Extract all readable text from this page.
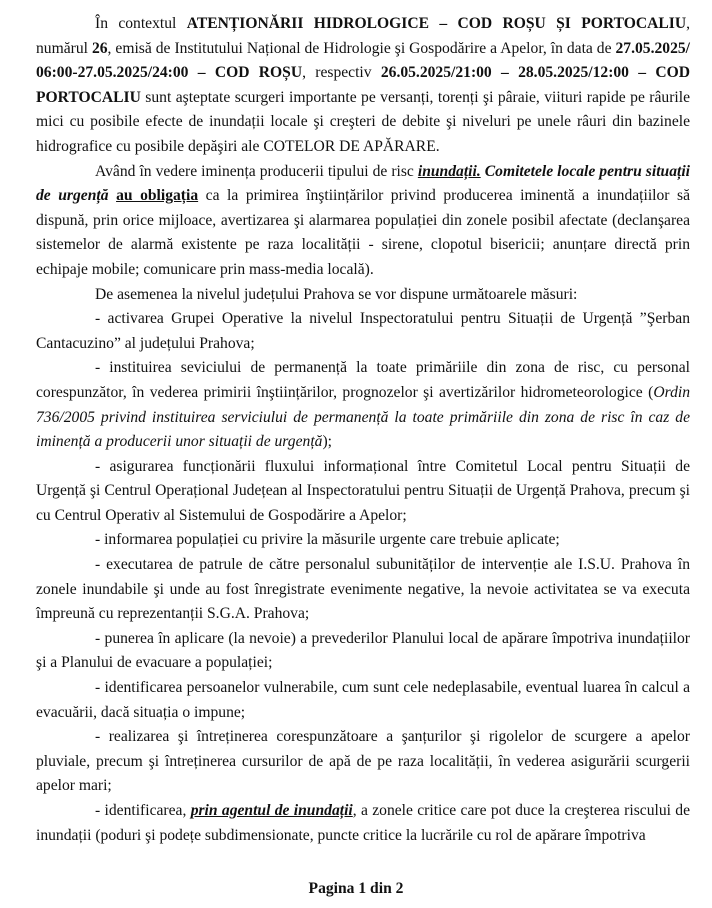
În contextul ATENȚIONĂRII HIDROLOGICE – COD ROȘU ȘI PORTOCALIU, numărul 26, emisă de Institutului Național de Hidrologie şi Gospodărire a Apelor, în data de 27.05.2025/ 06:00-27.05.2025/24:00 – COD ROȘU, respectiv 26.05.2025/21:00 – 28.05.2025/12:00 – COD PORTOCALIU sunt aşteptate scurgeri importante pe versanți, torenți şi pâraie, viituri rapide pe râurile mici cu posibile efecte de inundații locale şi creşteri de debite şi niveluri pe unele râuri din bazinele hidrografice cu posibile depăşiri ale COTELOR DE APĂRARE.

Având în vedere iminența producerii tipului de risc inundații. Comitetele locale pentru situații de urgență au obligația ca la primirea înştiințărilor privind producerea iminentă a inundațiilor să dispună, prin orice mijloace, avertizarea şi alarmarea populației din zonele posibil afectate (declanşarea sistemelor de alarmă existente pe raza localității - sirene, clopotul bisericii; anunțare directă prin echipaje mobile; comunicare prin mass-media locală).

De asemenea la nivelul județului Prahova se vor dispune următoarele măsuri:

- activarea Grupei Operative la nivelul Inspectoratului pentru Situații de Urgență ”Şerban Cantacuzino” al județului Prahova;

- instituirea seviciului de permanență la toate primăriile din zona de risc, cu personal corespunzător, în vederea primirii înştiințărilor, prognozelor şi avertizărilor hidrometeorologice (Ordin 736/2005 privind instituirea serviciului de permanență la toate primăriile din zona de risc în caz de iminență a producerii unor situații de urgență);

- asigurarea funcționării fluxului informațional între Comitetul Local pentru Situații de Urgență şi Centrul Operațional Județean al Inspectoratului pentru Situații de Urgență Prahova, precum şi cu Centrul Operativ al Sistemului de Gospodărire a Apelor;

- informarea populației cu privire la măsurile urgente care trebuie aplicate;

- executarea de patrule de către personalul subunităților de intervenție ale I.S.U. Prahova în zonele inundabile şi unde au fost înregistrate evenimente negative, la nevoie activitatea se va executa împreună cu reprezentanții S.G.A. Prahova;

- punerea în aplicare (la nevoie) a prevederilor Planului local de apărare împotriva inundațiilor şi a Planului de evacuare a populației;

- identificarea persoanelor vulnerabile, cum sunt cele nedeplasabile, eventual luarea în calcul a evacuării, dacă situația o impune;

- realizarea şi întreținerea corespunzătoare a şanțurilor şi rigolelor de scurgere a apelor pluviale, precum şi întreținerea cursurilor de apă de pe raza localității, în vederea asigurării scurgerii apelor mari;

- identificarea, prin agentul de inundații, a zonele critice care pot duce la creşterea riscului de inundații (poduri şi podețe subdimensionate, puncte critice la lucrările cu rol de apărare împotriva

Pagina 1 din 2
